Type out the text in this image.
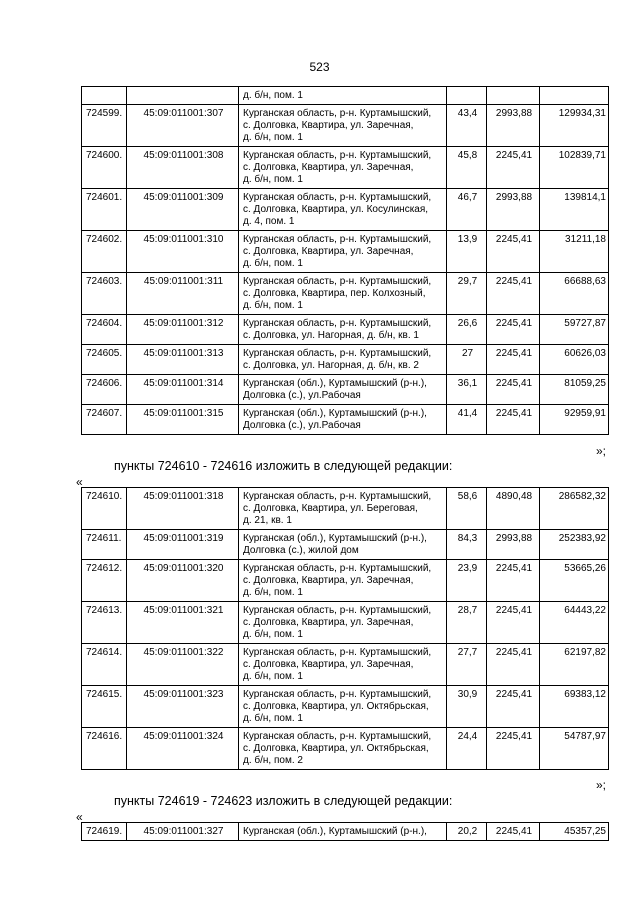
523

		д. б/н, пом. 1			

724599.	45:09:011001:307	Курганская область, р-н. Куртамышский,
с. Долговка, Квартира, ул. Заречная,
д. б/н, пом. 1	43,4	2993,88	129934,31
724600.	45:09:011001:308	Курганская область, р-н. Куртамышский,
с. Долговка, Квартира, ул. Заречная,
д. б/н, пом. 1	45,8	2245,41	102839,71
724601.	45:09:011001:309	Курганская область, р-н. Куртамышский,
с. Долговка, Квартира, ул. Косулинская,
д. 4, пом. 1	46,7	2993,88	139814,1
724602.	45:09:011001:310	Курганская область, р-н. Куртамышский,
с. Долговка, Квартира, ул. Заречная,
д. б/н, пом. 1	13,9	2245,41	31211,18
724603.	45:09:011001:311	Курганская область, р-н. Куртамышский,
с. Долговка, Квартира, пер. Колхозный,
д. б/н, пом. 1	29,7	2245,41	66688,63
724604.	45:09:011001:312	Курганская область, р-н. Куртамышский,
с. Долговка, ул. Нагорная, д. б/н, кв. 1	26,6	2245,41	59727,87
724605.	45:09:011001:313	Курганская область, р-н. Куртамышский,
с. Долговка, ул. Нагорная, д. б/н, кв. 2	27	2245,41	60626,03
724606.	45:09:011001:314	Курганская (обл.), Куртамышский (р-н.),
Долговка (с.), ул.Рабочая	36,1	2245,41	81059,25
724607.	45:09:011001:315	Курганская (обл.), Куртамышский (р-н.),
Долговка (с.), ул.Рабочая	41,4	2245,41	92959,91
»;
пункты 724610 - 724616 изложить в следующей редакции:
«
724610.	45:09:011001:318	Курганская область, р-н. Куртамышский,
с. Долговка, Квартира, ул. Береговая,
д. 21, кв. 1	58,6	4890,48	286582,32
724611.	45:09:011001:319	Курганская (обл.), Куртамышский (р-н.),
Долговка (с.), жилой дом	84,3	2993,88	252383,92
724612.	45:09:011001:320	Курганская область, р-н. Куртамышский,
с. Долговка, Квартира, ул. Заречная,
д. б/н, пом. 1	23,9	2245,41	53665,26
724613.	45:09:011001:321	Курганская область, р-н. Куртамышский,
с. Долговка, Квартира, ул. Заречная,
д. б/н, пом. 1	28,7	2245,41	64443,22
724614.	45:09:011001:322	Курганская область, р-н. Куртамышский,
с. Долговка, Квартира, ул. Заречная,
д. б/н, пом. 1	27,7	2245,41	62197,82
724615.	45:09:011001:323	Курганская область, р-н. Куртамышский,
с. Долговка, Квартира, ул. Октябрьская,
д. б/н, пом. 1	30,9	2245,41	69383,12
724616.	45:09:011001:324	Курганская область, р-н. Куртамышский,
с. Долговка, Квартира, ул. Октябрьская,
д. б/н, пом. 2	24,4	2245,41	54787,97
»;
пункты 724619 - 724623 изложить в следующей редакции:
«
724619.	45:09:011001:327	Курганская (обл.), Куртамышский (р-н.),	20,2	2245,41	45357,25
